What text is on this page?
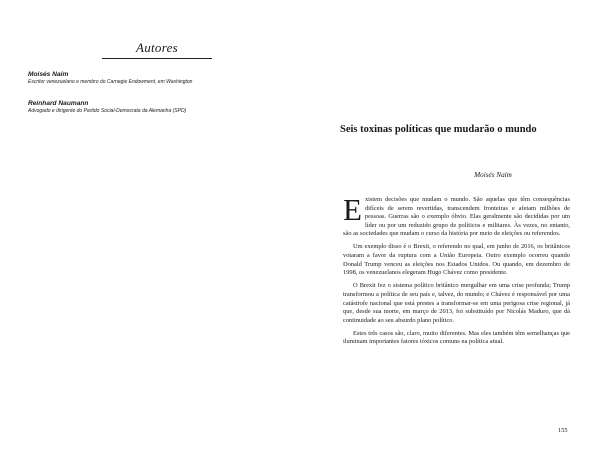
Autores
Moisés Naím
Escritor venezuelano e membro do Carnegie Endowment, em Washington
Reinhard Naumann
Advogado e dirigente do Partido Social-Democrata da Alemanha (SPD)
Seis toxinas políticas que mudarão o mundo
Moisés Naím

Existem decisões que mudam o mundo. São aquelas que têm consequências difíceis de serem revertidas, transcendem fronteiras e afetam milhões de pessoas. Guerras são o exemplo óbvio. Elas geralmente são decididas por um líder ou por um reduzido grupo de políticos e militares. Às vezes, no entanto, são as sociedades que mudam o curso da história por meio de eleições ou referendos.

Um exemplo disso é o Brexit, o referendo no qual, em junho de 2016, os britânicos votaram a favor da ruptura com a União Europeia. Outro exemplo ocorreu quando Donald Trump venceu as eleições nos Estados Unidos. Ou quando, em dezembro de 1998, os venezuelanos elegeram Hugo Chávez como presidente.

O Brexit fez o sistema político britânico mergulhar em uma crise profunda; Trump transformou a política de seu país e, talvez, do mundo; e Chávez é responsável por uma catástrofe nacional que está prestes a transformar-se em uma perigosa crise regional, já que, desde sua morte, em março de 2013, foi substituído por Nicolás Maduro, que dá continuidade ao seu absurdo plano político.

Estes três casos são, claro, muito diferentes. Mas eles também têm semelhanças que iluminam importantes fatores tóxicos comuns na política atual.

155
